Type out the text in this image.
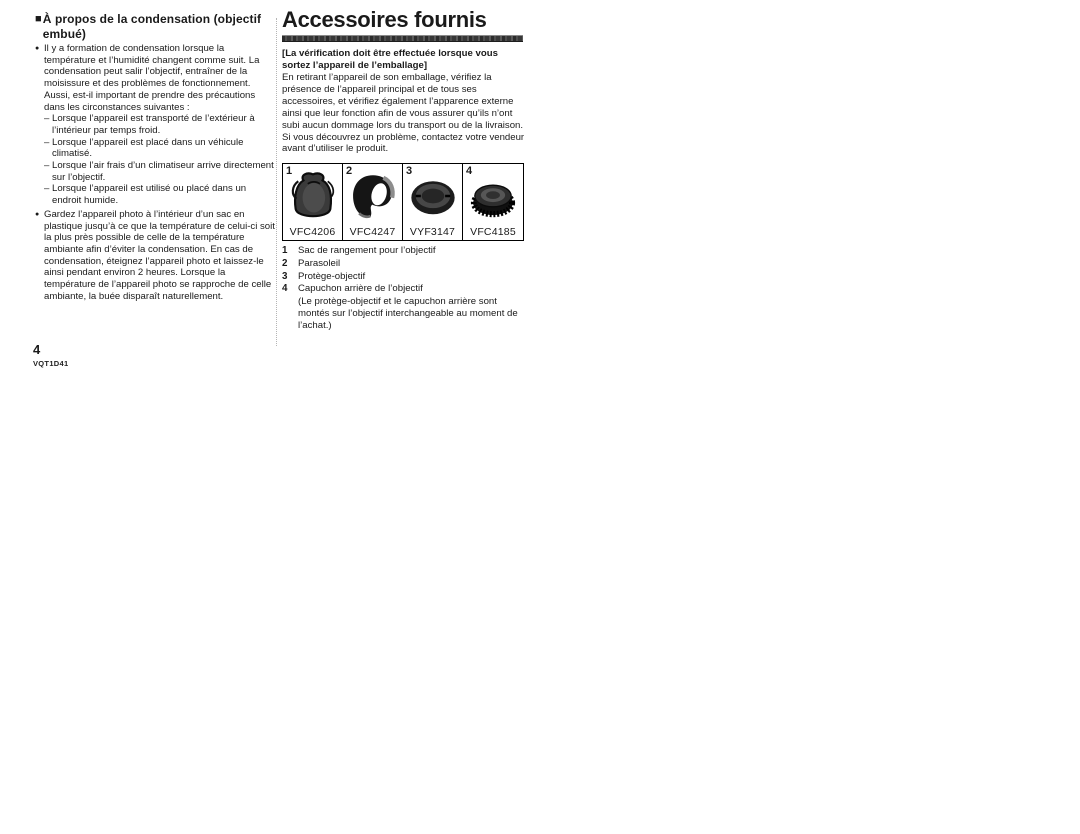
■ À propos de la condensation (objectif embué)
● Il y a formation de condensation lorsque la température et l’humidité changent comme suit. La condensation peut salir l’objectif, entraîner de la moisissure et des problèmes de fonctionnement. Aussi, est-il important de prendre des précautions dans les circonstances suivantes :
– Lorsque l’appareil est transporté de l’extérieur à l’intérieur par temps froid.
– Lorsque l’appareil est placé dans un véhicule climatisé.
– Lorsque l’air frais d’un climatiseur arrive directement sur l’objectif.
– Lorsque l’appareil est utilisé ou placé dans un endroit humide.
● Gardez l’appareil photo à l’intérieur d’un sac en plastique jusqu’à ce que la température de celui-ci soit la plus près possible de celle de la température ambiante afin d’éviter la condensation. En cas de condensation, éteignez l’appareil photo et laissez-le ainsi pendant environ 2 heures. Lorsque la température de l’appareil photo se rapproche de celle ambiante, la buée disparaît naturellement.
4
VQT1D41
Accessoires fournis
[La vérification doit être effectuée lorsque vous sortez l’appareil de l’emballage]
En retirant l’appareil de son emballage, vérifiez la présence de l’appareil principal et de tous ses accessoires, et vérifiez également l’apparence externe ainsi que leur fonction afin de vous assurer qu’ils n’ont subi aucun dommage lors du transport ou de la livraison.
Si vous découvrez un problème, contactez votre vendeur avant d’utiliser le produit.
1
VFC4206
2
VFC4247
3
VYF3147
4
VFC4185
1	Sac de rangement pour l’objectif
2	Parasoleil
3	Protège-objectif
4	Capuchon arrière de l’objectif
(Le protège-objectif et le capuchon arrière sont montés sur l’objectif interchangeable au moment de l’achat.)
